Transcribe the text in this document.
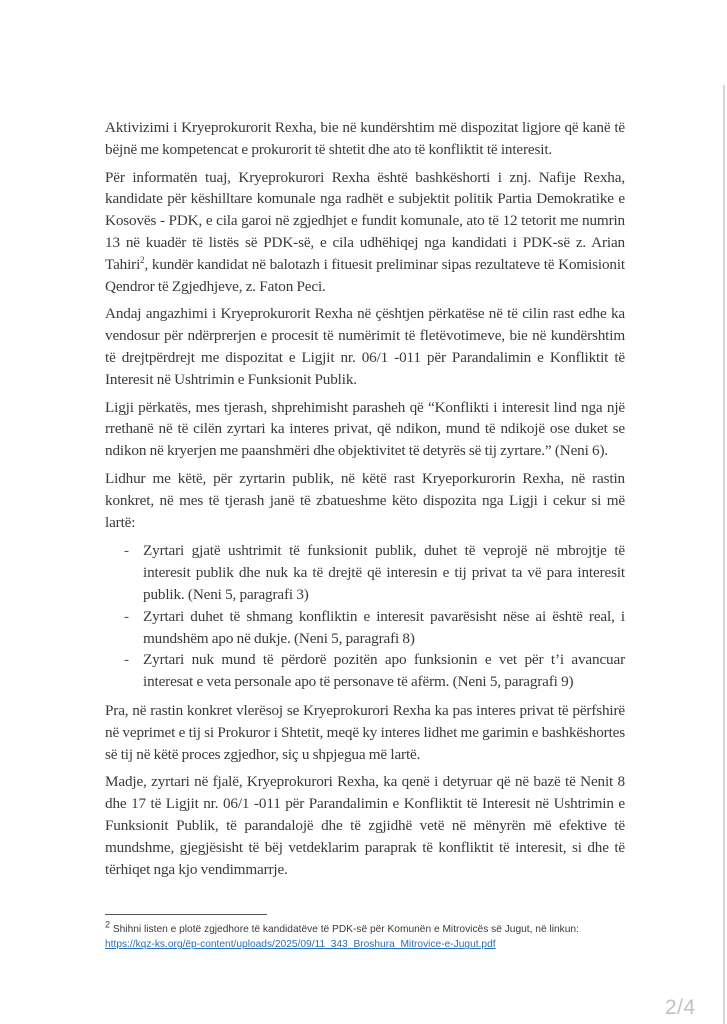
Aktivizimi i Kryeprokurorit Rexha, bie në kundërshtim më dispozitat ligjore që kanë të bëjnë me kompetencat e prokurorit të shtetit dhe ato të konfliktit të interesit.

Për informatën tuaj, Kryeprokurori Rexha është bashkëshorti i znj. Nafije Rexha, kandidate për këshilltare komunale nga radhët e subjektit politik Partia Demokratike e Kosovës - PDK, e cila garoi në zgjedhjet e fundit komunale, ato të 12 tetorit me numrin 13 në kuadër të listës së PDK-së, e cila udhëhiqej nga kandidati i PDK-së z. Arian Tahiri$^2$, kundër kandidat në balotazh i fituesit preliminar sipas rezultateve të Komisionit Qendror të Zgjedhjeve, z. Faton Peci.

Andaj angazhimi i Kryeprokurorit Rexha në çështjen përkatëse në të cilin rast edhe ka vendosur për ndërprerjen e procesit të numërimit të fletëvotimeve, bie në kundërshtim të drejtpërdrejt me dispozitat e Ligjit nr. 06/1 -011 për Parandalimin e Konfliktit të Interesit në Ushtrimin e Funksionit Publik.

Ligji përkatës, mes tjerash, shprehimisht parasheh që “Konflikti i interesit lind nga një rrethanë në të cilën zyrtari ka interes privat, që ndikon, mund të ndikojë ose duket se ndikon në kryerjen me paanshmëri dhe objektivitet të detyrës së tij zyrtare.” (Neni 6).

Lidhur me këtë, për zyrtarin publik, në këtë rast Kryeporkurorin Rexha, në rastin konkret, në mes të tjerash janë të zbatueshme këto dispozita nga Ligji i cekur si më lartë:

- Zyrtari gjatë ushtrimit të funksionit publik, duhet të veprojë në mbrojtje të interesit publik dhe nuk ka të drejtë që interesin e tij privat ta vë para interesit publik. (Neni 5, paragrafi 3)
- Zyrtari duhet të shmang konfliktin e interesit pavarësisht nëse ai është real, i mundshëm apo në dukje. (Neni 5, paragrafi 8)
- Zyrtari nuk mund të përdorë pozitën apo funksionin e vet për t’i avancuar interesat e veta personale apo të personave të afërm. (Neni 5, paragrafi 9)

Pra, në rastin konkret vlerësoj se Kryeprokurori Rexha ka pas interes privat të përfshirë në veprimet e tij si Prokuror i Shtetit, meqë ky interes lidhet me garimin e bashkëshortes së tij në këtë proces zgjedhor, siç u shpjegua më lartë.

Madje, zyrtari në fjalë, Kryeprokurori Rexha, ka qenë i detyruar që në bazë të Nenit 8 dhe 17 të Ligjit nr. 06/1 -011 për Parandalimin e Konfliktit të Interesit në Ushtrimin e Funksionit Publik, të parandalojë dhe të zgjidhë vetë në mënyrën më efektive të mundshme, gjegjësisht të bëj vetdeklarim paraprak të konfliktit të interesit, si dhe të tërhiqet nga kjo vendimmarrje.

$^2$ Shihni listen e plotë zgjedhore të kandidatëve të PDK-së për Komunën e Mitrovicës së Jugut, në linkun:
https://kqz-ks.org/ëp-content/uploads/2025/09/11_343_Broshura_Mitrovice-e-Jugut.pdf
2/4
